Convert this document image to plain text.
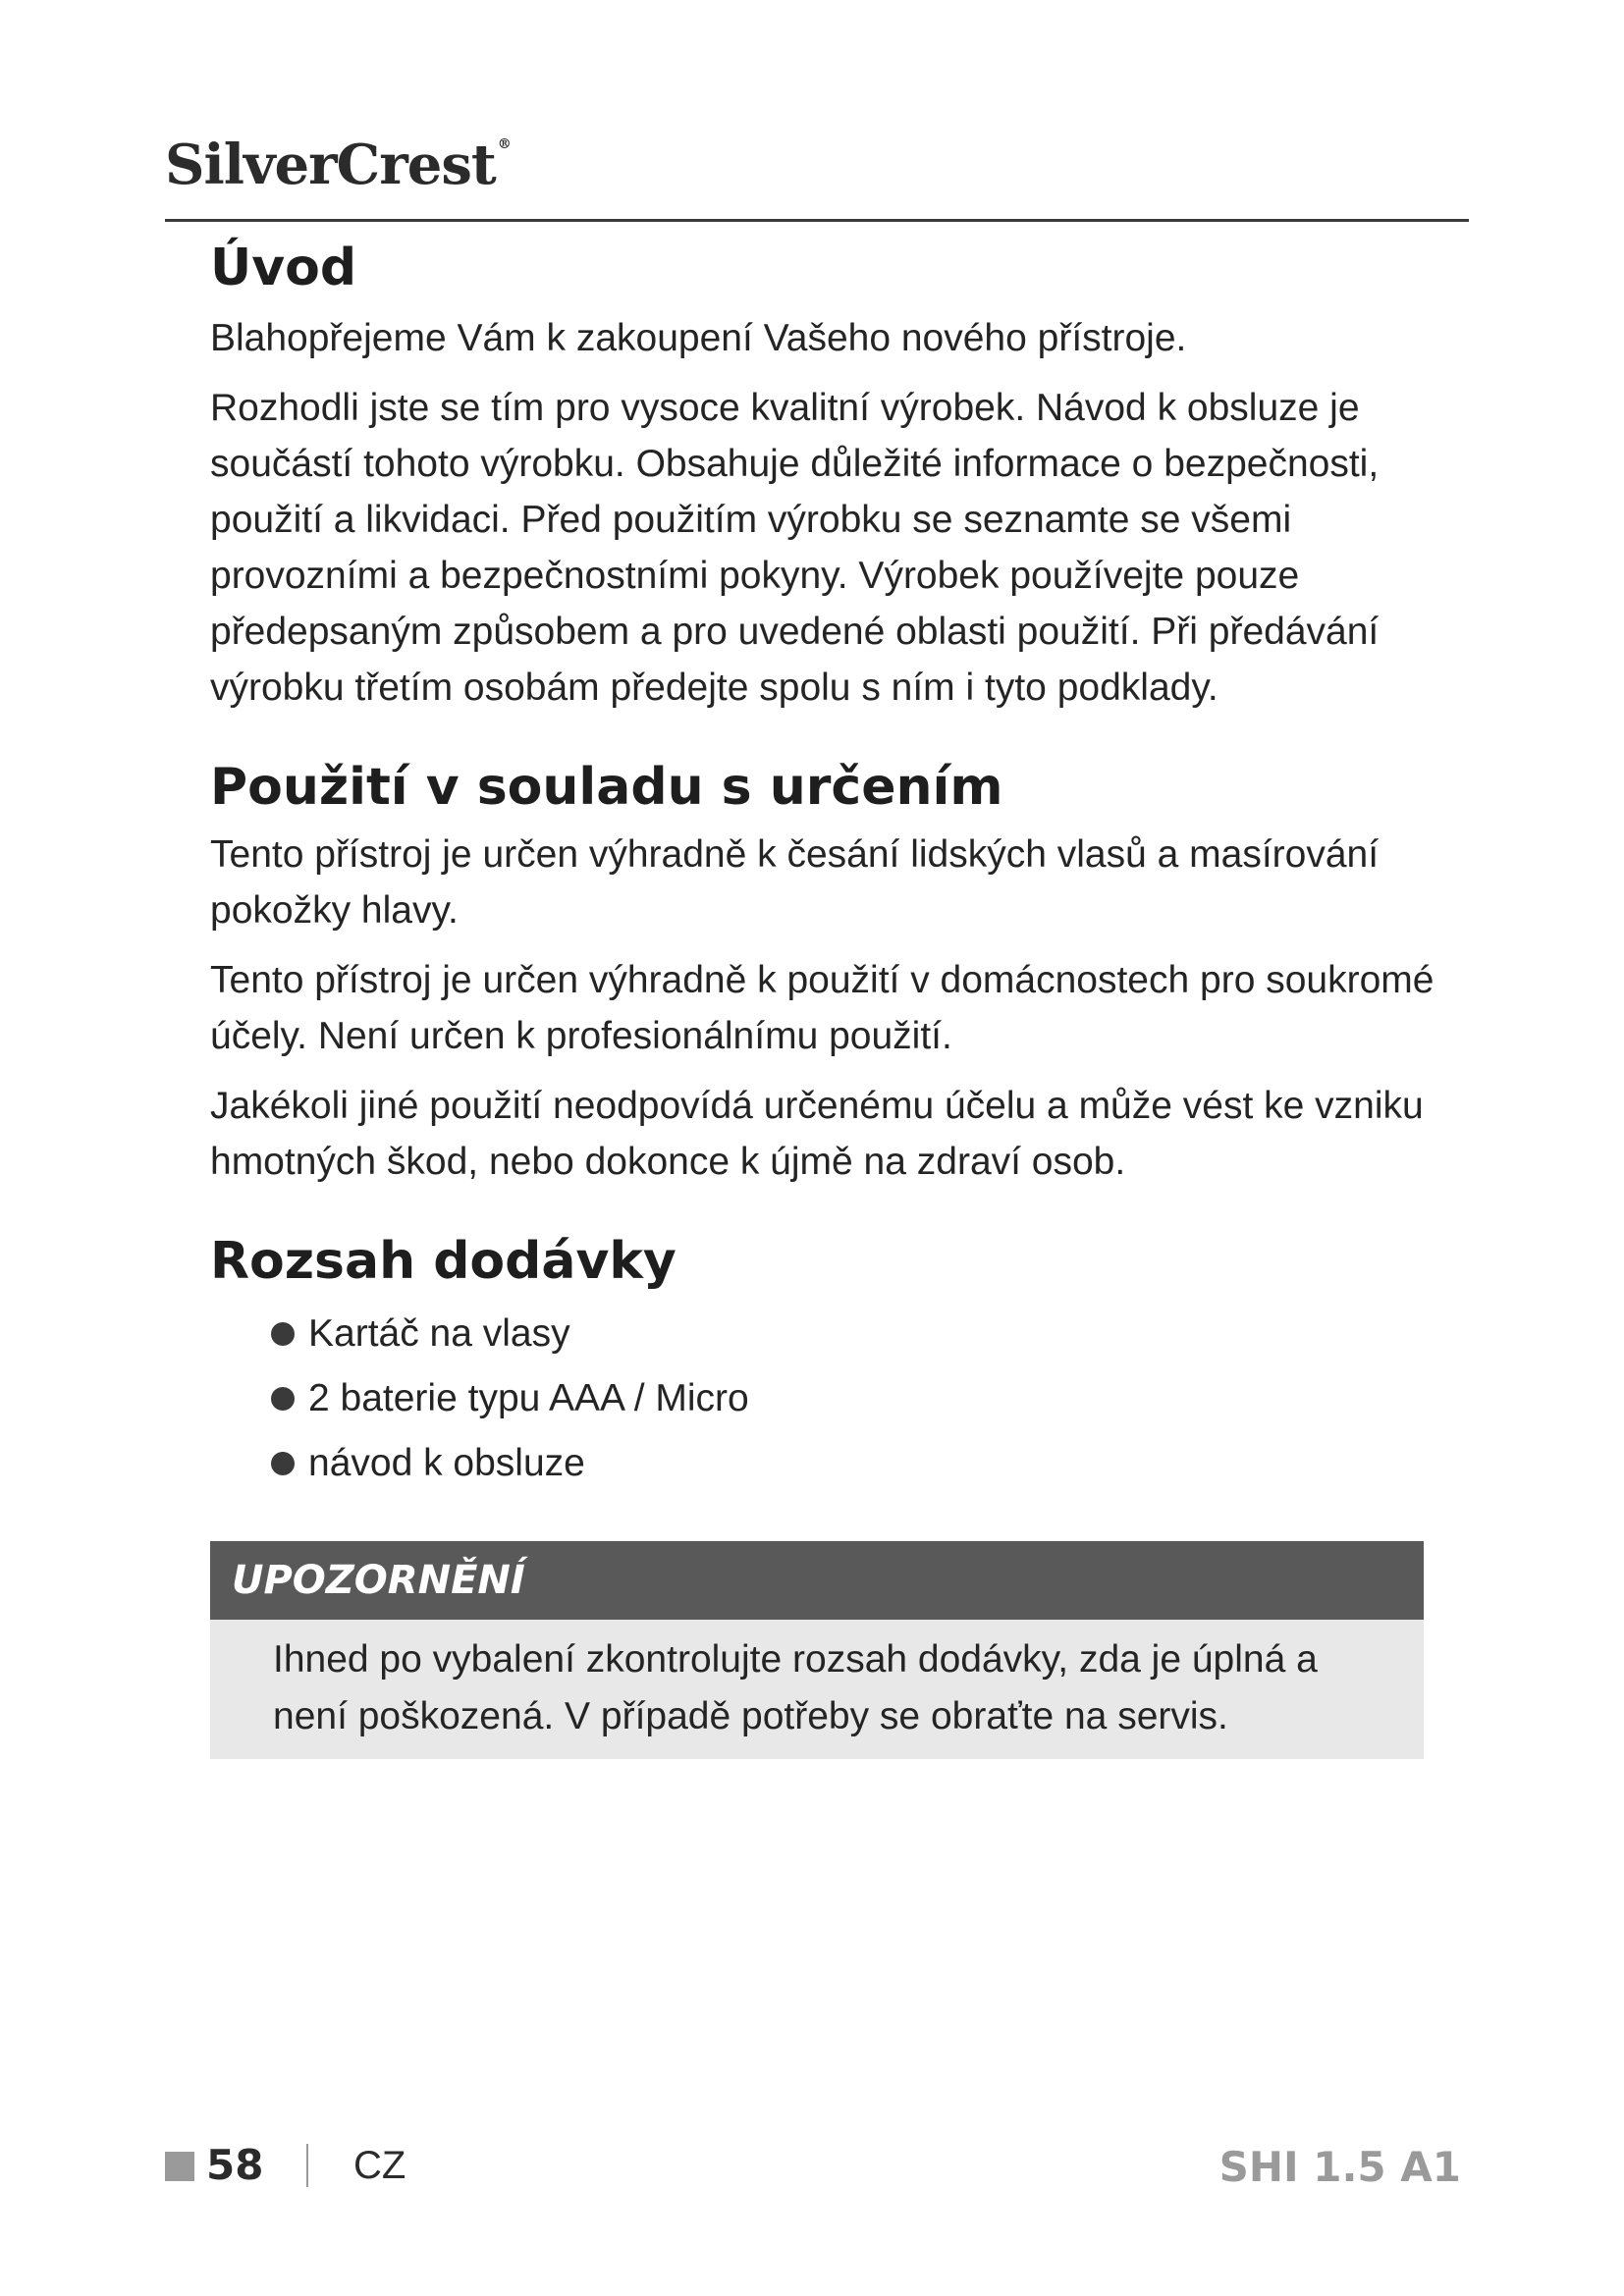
SilverCrest ®
Úvod

Blahopřejeme Vám k zakoupení Vašeho nového přístroje.

Rozhodli jste se tím pro vysoce kvalitní výrobek. Návod k obsluze je součástí tohoto výrobku. Obsahuje důležité informace o bezpečnosti, použití a likvidaci. Před použitím výrobku se seznamte se všemi provozními a bezpečnostními pokyny. Výrobek používejte pouze předepsaným způsobem a pro uvedené oblasti použití. Při předávání výrobku třetím osobám předejte spolu s ním i tyto podklady.

Použití v souladu s určením

Tento přístroj je určen výhradně k česání lidských vlasů a masírování pokožky hlavy.

Tento přístroj je určen výhradně k použití v domácnostech pro soukromé účely. Není určen k profesionálnímu použití.

Jakékoli jiné použití neodpovídá určenému účelu a může vést ke vzniku hmotných škod, nebo dokonce k újmě na zdraví osob.

Rozsah dodávky
Kartáč na vlasy
2 baterie typu AAA / Micro
návod k obsluze
UPOZORNĚNÍ

Ihned po vybalení zkontrolujte rozsah dodávky, zda je úplná a není poškozená. V případě potřeby se obraťte na servis.

58 CZ	SHI 1.5 A1
